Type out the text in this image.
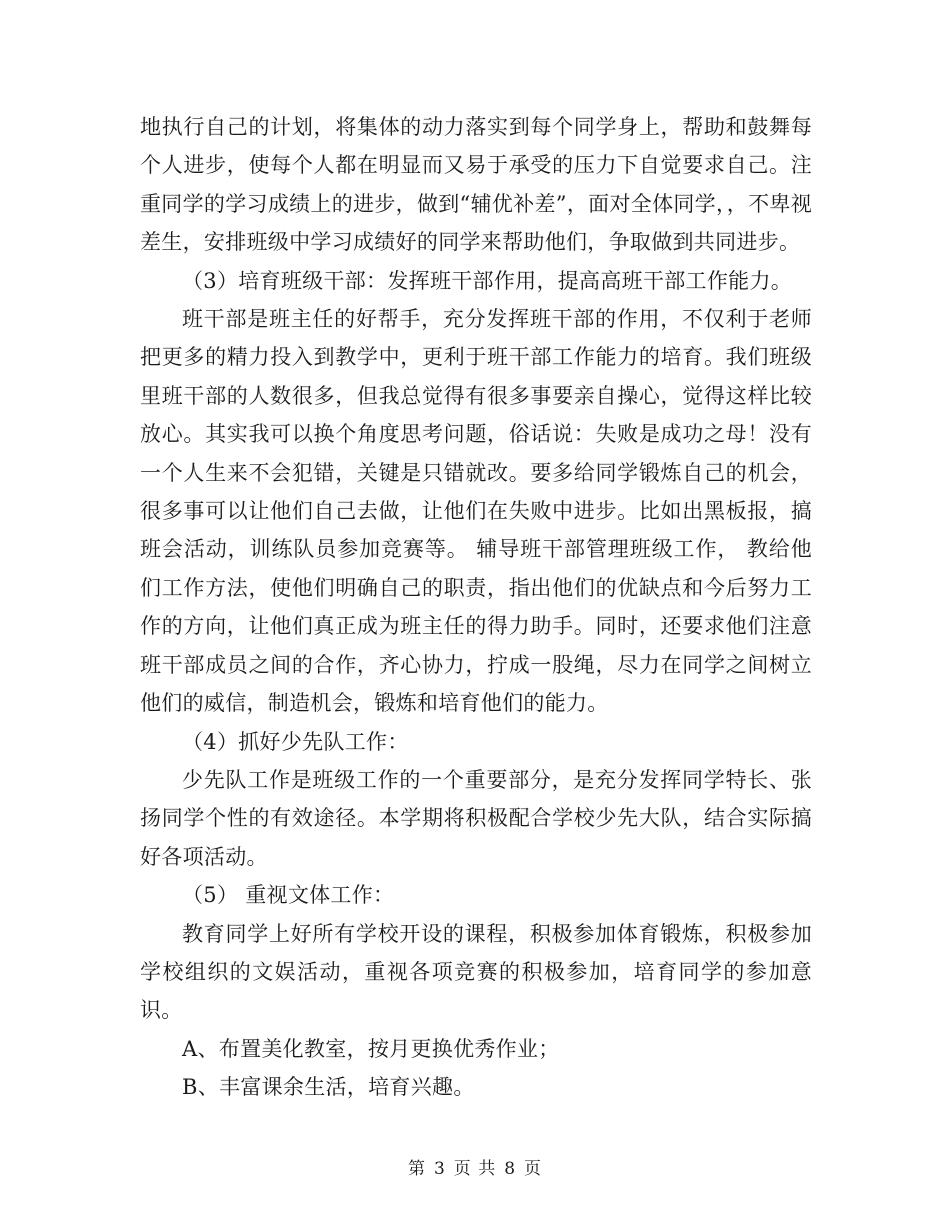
地执行自己的计划，将集体的动力落实到每个同学身上，帮助和鼓舞每个人进步，使每个人都在明显而又易于承受的压力下自觉要求自己。注重同学的学习成绩上的进步，做到“辅优补差”，面对全体同学，，不卑视差生，安排班级中学习成绩好的同学来帮助他们，争取做到共同进步。

（3）培育班级干部：发挥班干部作用，提高高班干部工作能力。

班干部是班主任的好帮手，充分发挥班干部的作用，不仅利于老师把更多的精力投入到教学中，更利于班干部工作能力的培育。我们班级里班干部的人数很多，但我总觉得有很多事要亲自操心，觉得这样比较放心。其实我可以换个角度思考问题，俗话说：失败是成功之母！没有一个人生来不会犯错，关键是只错就改。要多给同学锻炼自己的机会，很多事可以让他们自己去做，让他们在失败中进步。比如出黑板报，搞班会活动，训练队员参加竞赛等。 辅导班干部管理班级工作， 教给他们工作方法，使他们明确自己的职责，指出他们的优缺点和今后努力工作的方向，让他们真正成为班主任的得力助手。同时，还要求他们注意班干部成员之间的合作，齐心协力，拧成一股绳，尽力在同学之间树立他们的威信，制造机会，锻炼和培育他们的能力。

（4）抓好少先队工作：

少先队工作是班级工作的一个重要部分，是充分发挥同学特长、张扬同学个性的有效途径。本学期将积极配合学校少先大队，结合实际搞好各项活动。

（5） 重视文体工作：

教育同学上好所有学校开设的课程，积极参加体育锻炼，积极参加学校组织的文娱活动，重视各项竞赛的积极参加，培育同学的参加意识。

A、布置美化教室，按月更换优秀作业；

B、丰富课余生活，培育兴趣。

第 3 页 共 8 页
